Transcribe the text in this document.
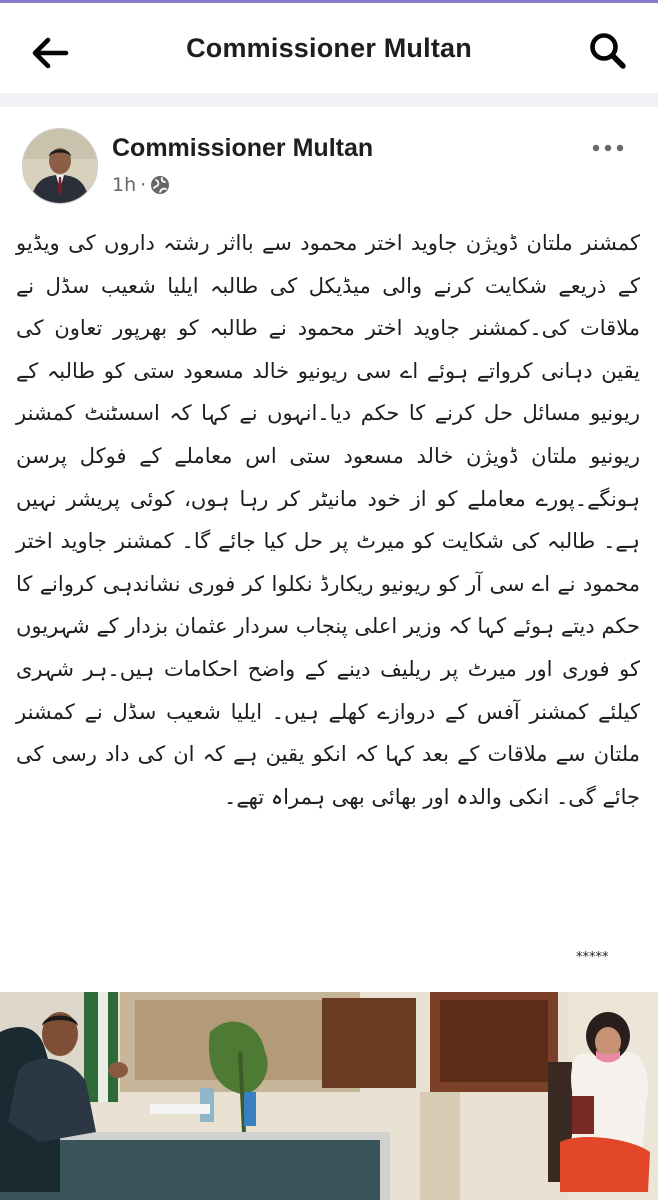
Commissioner Multan
Commissioner Multan
1h ·
کمشنر ملتان ڈویژن جاوید اختر محمود سے بااثر رشتہ داروں کی ویڈیو کے ذریعے شکایت کرنے والی میڈیکل کی طالبہ ایلیا شعیب سڈل نے ملاقات کی۔کمشنر جاوید اختر محمود نے طالبہ کو بھرپور تعاون کی یقین دہانی کرواتے ہوئے اے سی ریونیو خالد مسعود ستی کو طالبہ کے ریونیو مسائل حل کرنے کا حکم دیا۔انہوں نے کہا کہ اسسٹنٹ کمشنر ریونیو ملتان ڈویژن خالد مسعود ستی اس معاملے کے فوکل پرسن ہونگے۔پورے معاملے کو از خود مانیٹر کر رہا ہوں، کوئی پریشر نہیں ہے۔ طالبہ کی شکایت کو میرٹ پر حل کیا جائے گا۔ کمشنر جاوید اختر محمود نے اے سی آر کو ریونیو ریکارڈ نکلوا کر فوری نشاندہی کروانے کا حکم دیتے ہوئے کہا کہ وزیر اعلی پنجاب سردار عثمان بزدار کے شہریوں کو فوری اور میرٹ پر ریلیف دینے کے واضح احکامات ہیں۔ہر شہری کیلئے کمشنر آفس کے دروازے کھلے ہیں۔ ایلیا شعیب سڈل نے کمشنر ملتان سے ملاقات کے بعد کہا کہ انکو یقین ہے کہ ان کی داد رسی کی جائے گی۔ انکی والدہ اور بھائی بھی ہمراہ تھے۔
*****
